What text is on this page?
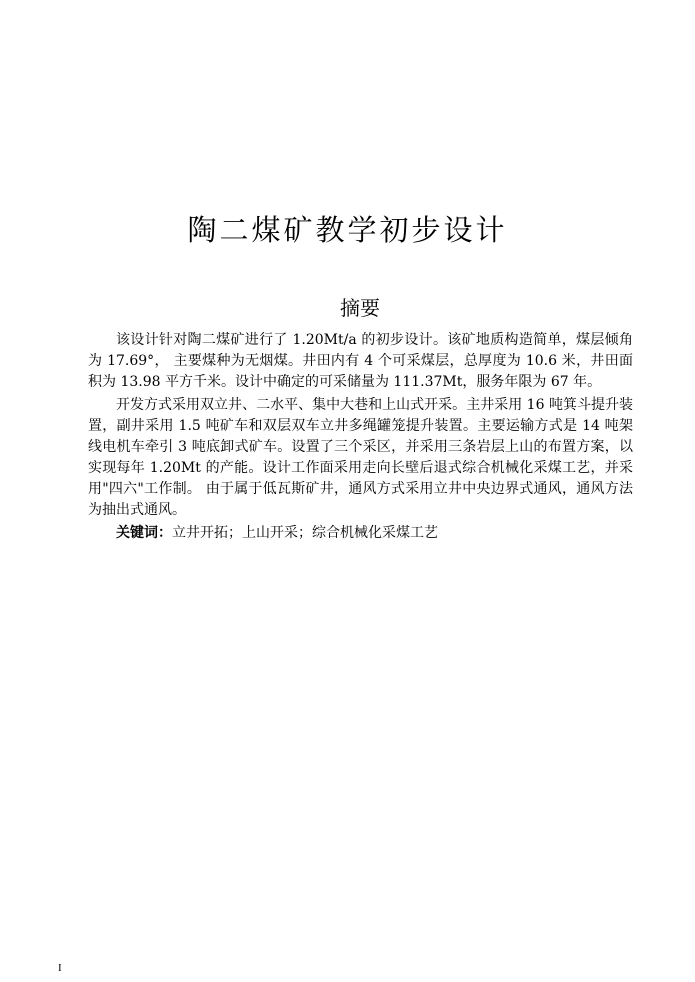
陶二煤矿教学初步设计
摘要

该设计针对陶二煤矿进行了 1.20Mt/a 的初步设计。该矿地质构造简单，煤层倾角为 17.69°， 主要煤种为无烟煤。井田内有 4 个可采煤层，总厚度为 10.6 米，井田面积为 13.98 平方千米。设计中确定的可采储量为 111.37Mt，服务年限为 67 年。

开发方式采用双立井、二水平、集中大巷和上山式开采。主井采用 16 吨箕斗提升装置，副井采用 1.5 吨矿车和双层双车立井多绳罐笼提升装置。主要运输方式是 14 吨架线电机车牵引 3 吨底卸式矿车。设置了三个采区，并采用三条岩层上山的布置方案，以实现每年 1.20Mt 的产能。设计工作面采用走向长壁后退式综合机械化采煤工艺，并采用"四六"工作制。 由于属于低瓦斯矿井，通风方式采用立井中央边界式通风，通风方法为抽出式通风。

关键词：立井开拓；上山开采；综合机械化采煤工艺

I
